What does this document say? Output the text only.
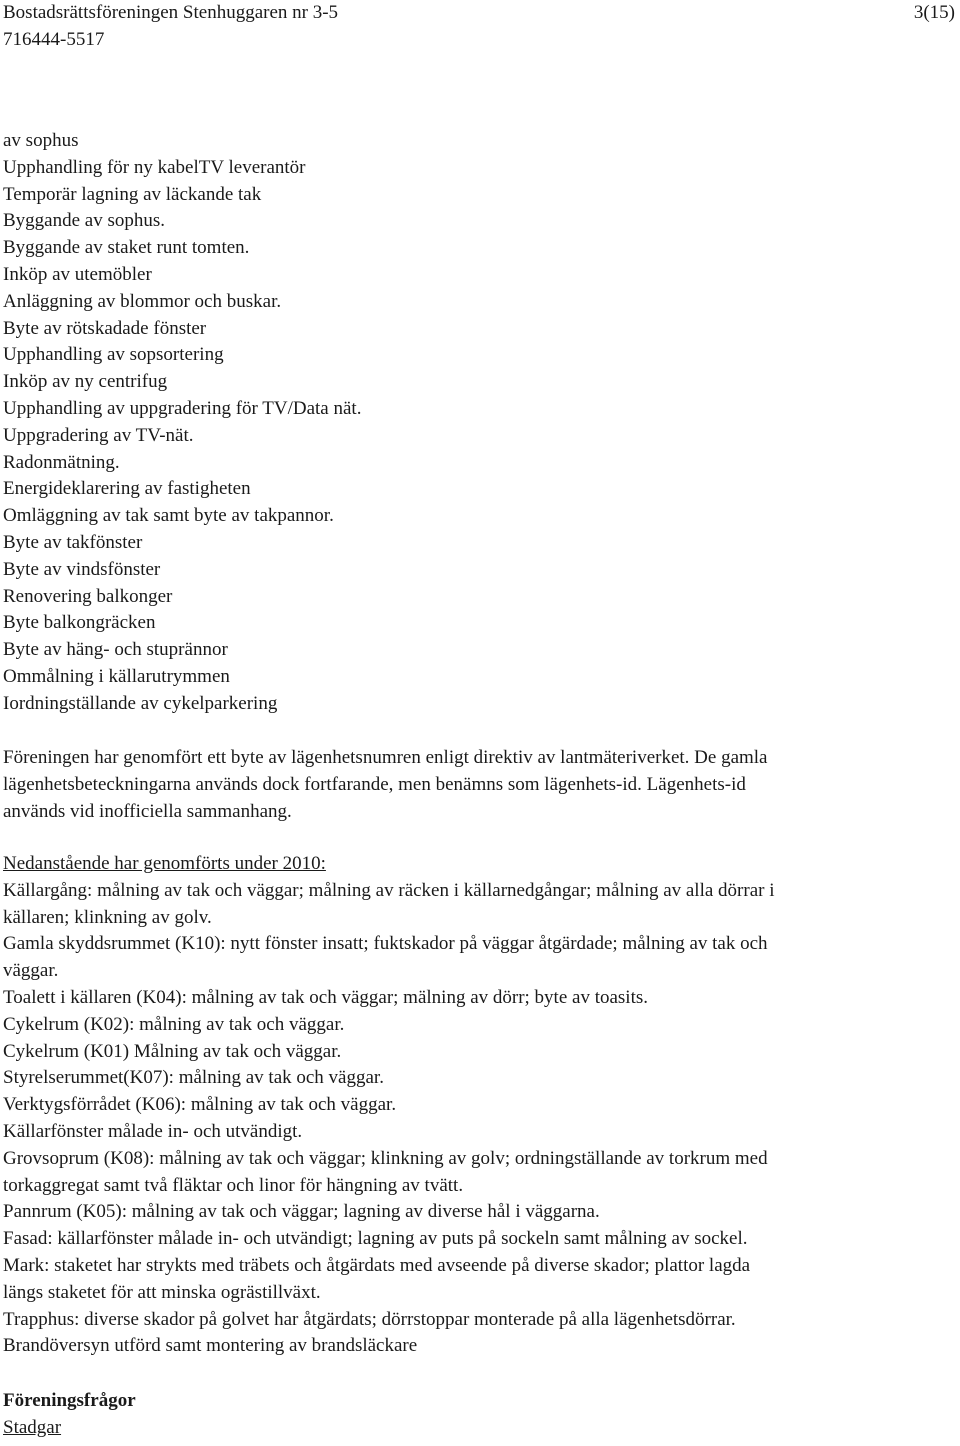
Bostadsrättsföreningen Stenhuggaren nr 3-5
716444-5517
3(15)
av sophus
Upphandling för ny kabelTV leverantör
Temporär lagning av läckande tak
Byggande av sophus.
Byggande av staket runt tomten.
Inköp av utemöbler
Anläggning av blommor och buskar.
Byte av rötskadade fönster
Upphandling av sopsortering
Inköp av ny centrifug
Upphandling av uppgradering för TV/Data nät.
Uppgradering av TV-nät.
Radonmätning.
Energideklarering av fastigheten
Omläggning av tak samt byte av takpannor.
Byte av takfönster
Byte av vindsfönster
Renovering balkonger
Byte balkongräcken
Byte av häng- och stuprännor
Ommålning i källarutrymmen
Iordningställande av cykelparkering
Föreningen har genomfört ett byte av lägenhetsnumren enligt direktiv av lantmäteriverket. De gamla
lägenhetsbeteckningarna används dock fortfarande, men benämns som lägenhets-id. Lägenhets-id
används vid inofficiella sammanhang.
Nedanstående har genomförts under 2010:
Källargång: målning av tak och väggar; målning av räcken i källarnedgångar; målning av alla dörrar i
källaren; klinkning av golv.
Gamla skyddsrummet (K10): nytt fönster insatt; fuktskador på väggar åtgärdade; målning av tak och
väggar.
Toalett i källaren (K04): målning av tak och väggar; mälning av dörr; byte av toasits.
Cykelrum (K02): målning av tak och väggar.
Cykelrum (K01) Målning av tak och väggar.
Styrelserummet(K07): målning av tak och väggar.
Verktygsförrådet (K06): målning av tak och väggar.
Källarfönster målade in- och utvändigt.
Grovsoprum (K08): målning av tak och väggar; klinkning av golv; ordningställande av torkrum med
torkaggregat samt två fläktar och linor för hängning av tvätt.
Pannrum (K05): målning av tak och väggar; lagning av diverse hål i väggarna.
Fasad: källarfönster målade in- och utvändigt; lagning av puts på sockeln samt målning av sockel.
Mark: staketet har strykts med träbets och åtgärdats med avseende på diverse skador; plattor lagda
längs staketet för att minska ogrästillväxt.
Trapphus: diverse skador på golvet har åtgärdats; dörrstoppar monterade på alla lägenhetsdörrar.
Brandöversyn utförd samt montering av brandsläckare
Föreningsfrågor
Stadgar
